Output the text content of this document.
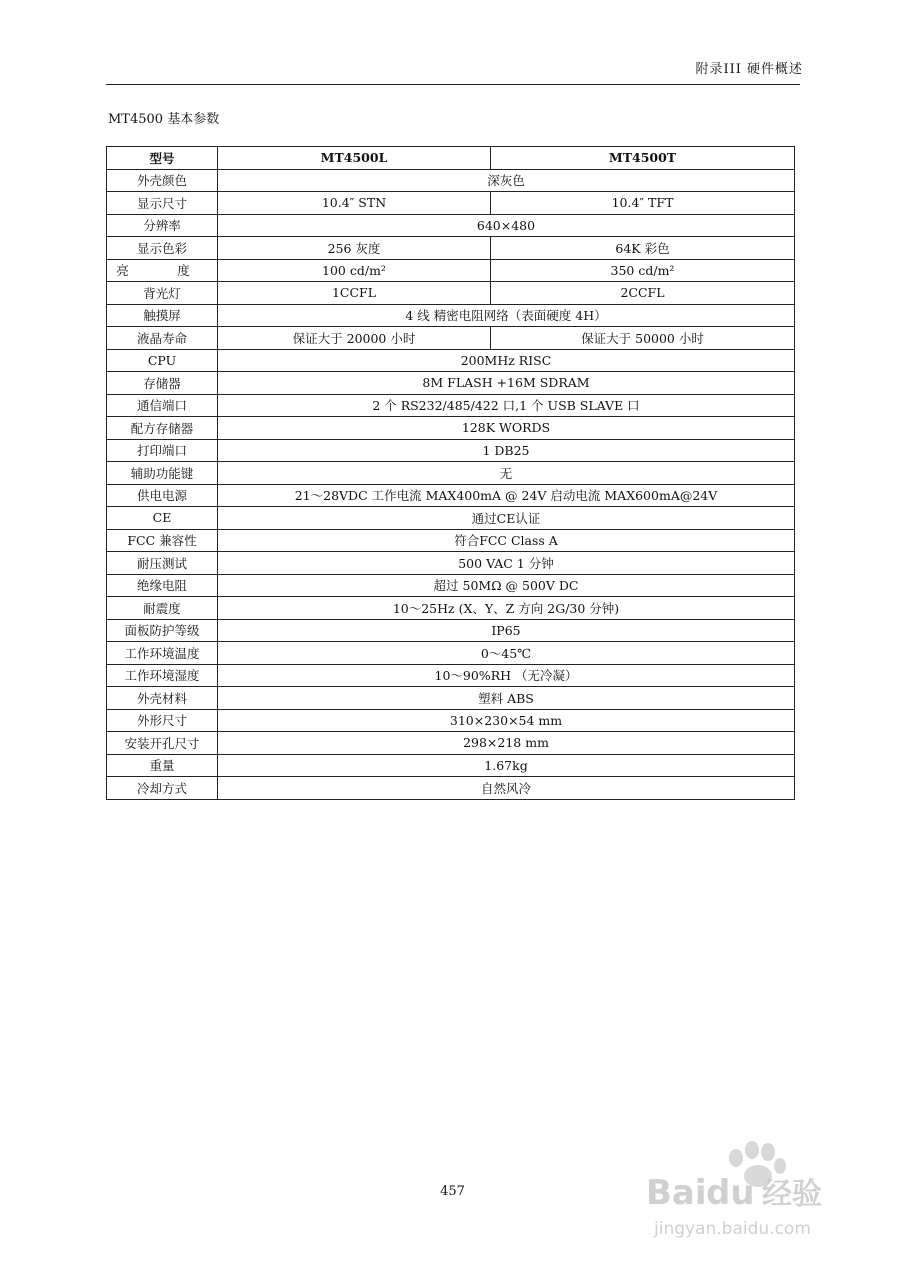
附录III 硬件概述
MT4500 基本参数
型号	MT4500L	MT4500T
外壳颜色	深灰色	
显示尺寸	10.4″ STN	10.4″ TFT
分辨率	640×480	
显示色彩	256 灰度	64K 彩色
亮　度	100 cd/m²	350 cd/m²
背光灯	1CCFL	2CCFL
触摸屏	4 线 精密电阻网络（表面硬度 4H）	
液晶寿命	保证大于 20000 小时	保证大于 50000 小时
CPU	200MHz RISC	
存储器	8M FLASH +16M SDRAM	
通信端口	2 个 RS232/485/422 口,1 个 USB SLAVE 口	
配方存储器	128K WORDS	
打印端口	1 DB25	
辅助功能键	无	
供电电源	21～28VDC 工作电流 MAX400mA @ 24V 启动电流 MAX600mA@24V	
CE	通过CE认证	
FCC 兼容性	符合FCC Class A	
耐压测试	500 VAC 1 分钟	
绝缘电阻	超过 50MΩ @ 500V DC	
耐震度	10～25Hz (X、Y、Z 方向 2G/30 分钟)	
面板防护等级	IP65	
工作环境温度	0～45℃	
工作环境湿度	10～90%RH （无冷凝）	
外壳材料	塑料 ABS	
外形尺寸	310×230×54 mm	
安装开孔尺寸	298×218 mm	
重量	1.67kg	
冷却方式	自然风冷	
457	Bai du 经验
jingyan.baidu.com
